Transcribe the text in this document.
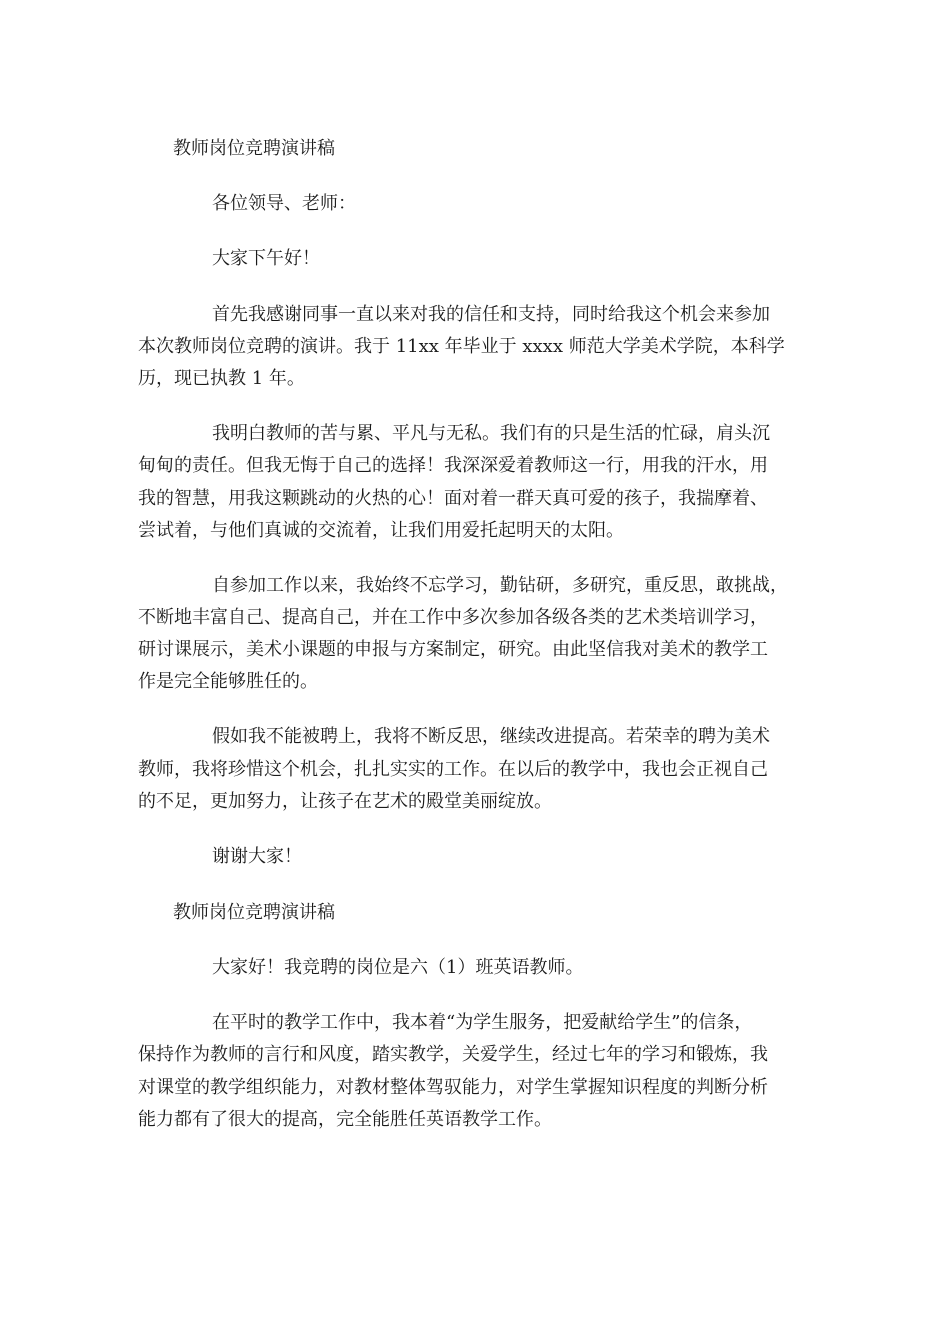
教师岗位竞聘演讲稿
各位领导、老师：
大家下午好！
首先我感谢同事一直以来对我的信任和支持，同时给我这个机会来参加
本次教师岗位竞聘的演讲。我于 11xx 年毕业于 xxxx 师范大学美术学院，本科学
历，现已执教 1 年。
我明白教师的苦与累、平凡与无私。我们有的只是生活的忙碌，肩头沉
甸甸的责任。但我无悔于自己的选择！我深深爱着教师这一行，用我的汗水，用
我的智慧，用我这颗跳动的火热的心！面对着一群天真可爱的孩子，我揣摩着、
尝试着，与他们真诚的交流着，让我们用爱托起明天的太阳。
自参加工作以来，我始终不忘学习，勤钻研，多研究，重反思，敢挑战，
不断地丰富自己、提高自己，并在工作中多次参加各级各类的艺术类培训学习，
研讨课展示，美术小课题的申报与方案制定，研究。由此坚信我对美术的教学工
作是完全能够胜任的。
假如我不能被聘上，我将不断反思，继续改进提高。若荣幸的聘为美术
教师，我将珍惜这个机会，扎扎实实的工作。在以后的教学中，我也会正视自己
的不足，更加努力，让孩子在艺术的殿堂美丽绽放。
谢谢大家！
教师岗位竞聘演讲稿
大家好！我竞聘的岗位是六（1）班英语教师。
在平时的教学工作中，我本着“为学生服务，把爱献给学生”的信条，
保持作为教师的言行和风度，踏实教学，关爱学生，经过七年的学习和锻炼，我
对课堂的教学组织能力，对教材整体驾驭能力，对学生掌握知识程度的判断分析
能力都有了很大的提高，完全能胜任英语教学工作。
